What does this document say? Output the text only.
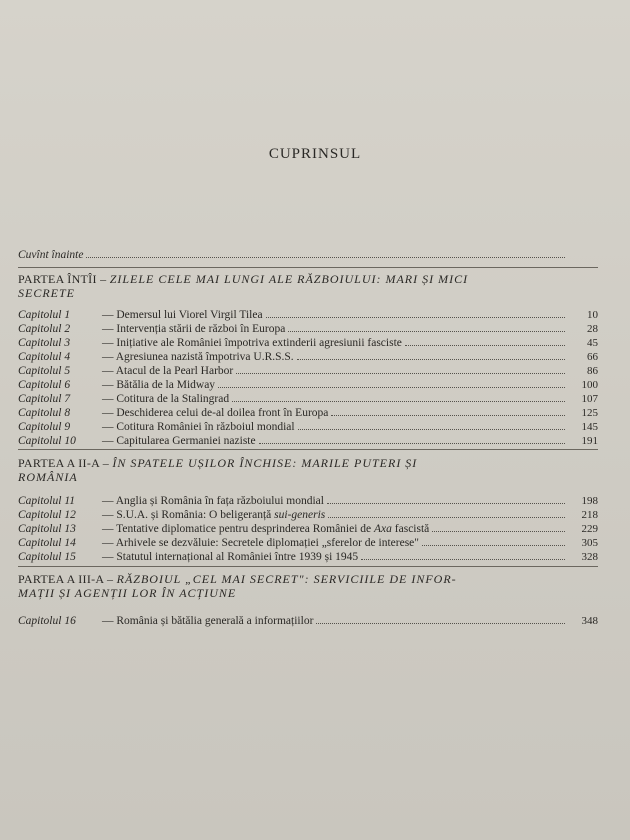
CUPRINSUL
Cuvînt înainte
PARTEA ÎNTÎI – ZILELE CELE MAI LUNGI ALE RĂZBOIULUI: MARI ȘI MICI
SECRETE
Capitolul 1	— Demersul lui Viorel Virgil Tilea	10
Capitolul 2	— Intervenția stării de război în Europa	28
Capitolul 3	— Inițiative ale României împotriva extinderii agresiunii fasciste	45
Capitolul 4	— Agresiunea nazistă împotriva U.R.S.S.	66
Capitolul 5	— Atacul de la Pearl Harbor	86
Capitolul 6	— Bătălia de la Midway	100
Capitolul 7	— Cotitura de la Stalingrad	107
Capitolul 8	— Deschiderea celui de-al doilea front în Europa	125
Capitolul 9	— Cotitura României în războiul mondial	145
Capitolul 10	— Capitularea Germaniei naziste	191
PARTEA A II-A – ÎN SPATELE UȘILOR ÎNCHISE: MARILE PUTERI ȘI
ROMÂNIA
Capitolul 11	— Anglia și România în fața războiului mondial	198
Capitolul 12	— S.U.A. și România: O beligeranță sui-generis	218
Capitolul 13	— Tentative diplomatice pentru desprinderea României de Axa fascistă	229
Capitolul 14	— Arhivele se dezvăluie: Secretele diplomației „sferelor de interese"	305
Capitolul 15	— Statutul internațional al României între 1939 și 1945	328
PARTEA A III-A – RĂZBOIUL „CEL MAI SECRET": SERVICIILE DE INFOR-
MAȚII ȘI AGENȚII LOR ÎN ACȚIUNE
Capitolul 16	— România și bătălia generală a informațiilor	348
